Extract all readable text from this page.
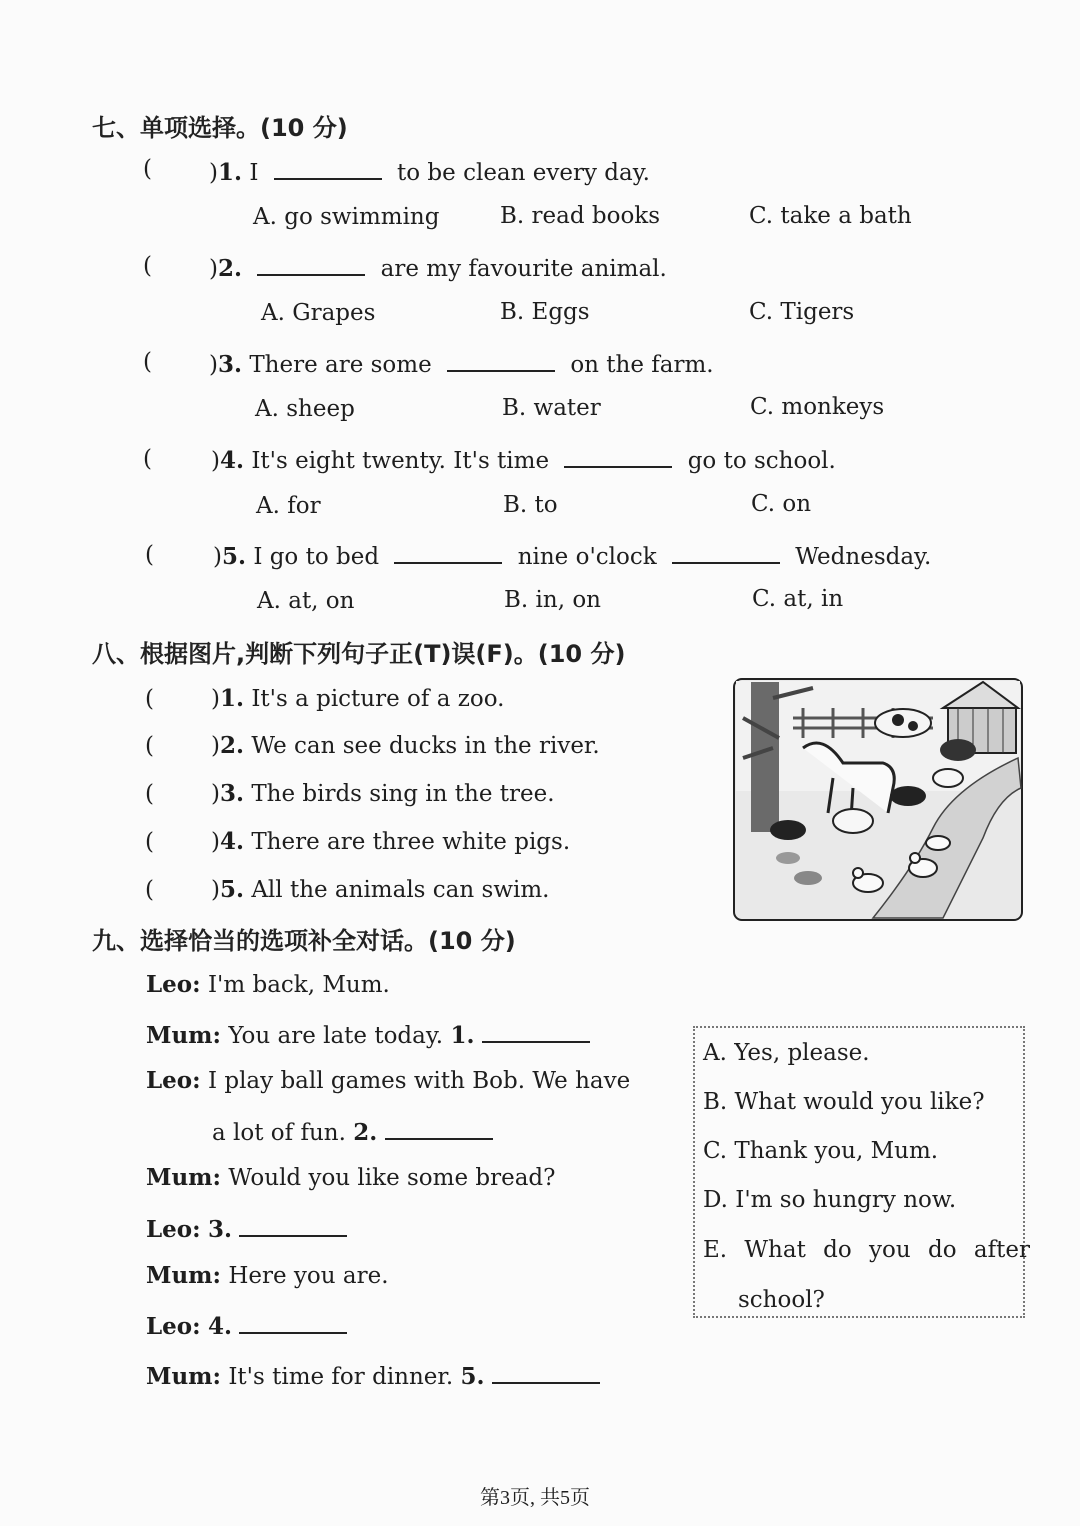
七、单项选择。(10 分)
( )1. I	to be clean every day.
A. go swimming	B. read books	C. take a bath
( )2.	are my favourite animal.
A. Grapes	B. Eggs	C. Tigers
( )3. There are some	on the farm.
A. sheep	B. water	C. monkeys
(	)4. It's eight twenty. It's time	go to school.
A. for	B. to	C. on
(	)5. I go to bed	nine o'clock	Wednesday.
A. at, on	B. in, on	C. at, in
八、根据图片,判断下列句子正(T)误(F)。(10 分)
( )1. It's a picture of a zoo.
( )2. We can see ducks in the river.
( )3. The birds sing in the tree.
( )4. There are three white pigs.
( )5. All the animals can swim.
九、选择恰当的选项补全对话。(10 分)
Leo: I'm back, Mum.
Mum: You are late today. 1.
Leo: I play ball games with Bob. We have
a lot of fun. 2.
Mum: Would you like some bread?
Leo: 3.
Mum: Here you are.
Leo: 4.
Mum: It's time for dinner. 5.
A. Yes, please.
B. What would you like?
C. Thank you, Mum.
D. I'm so hungry now.
E. What do you do after
school?
第3页, 共5页
